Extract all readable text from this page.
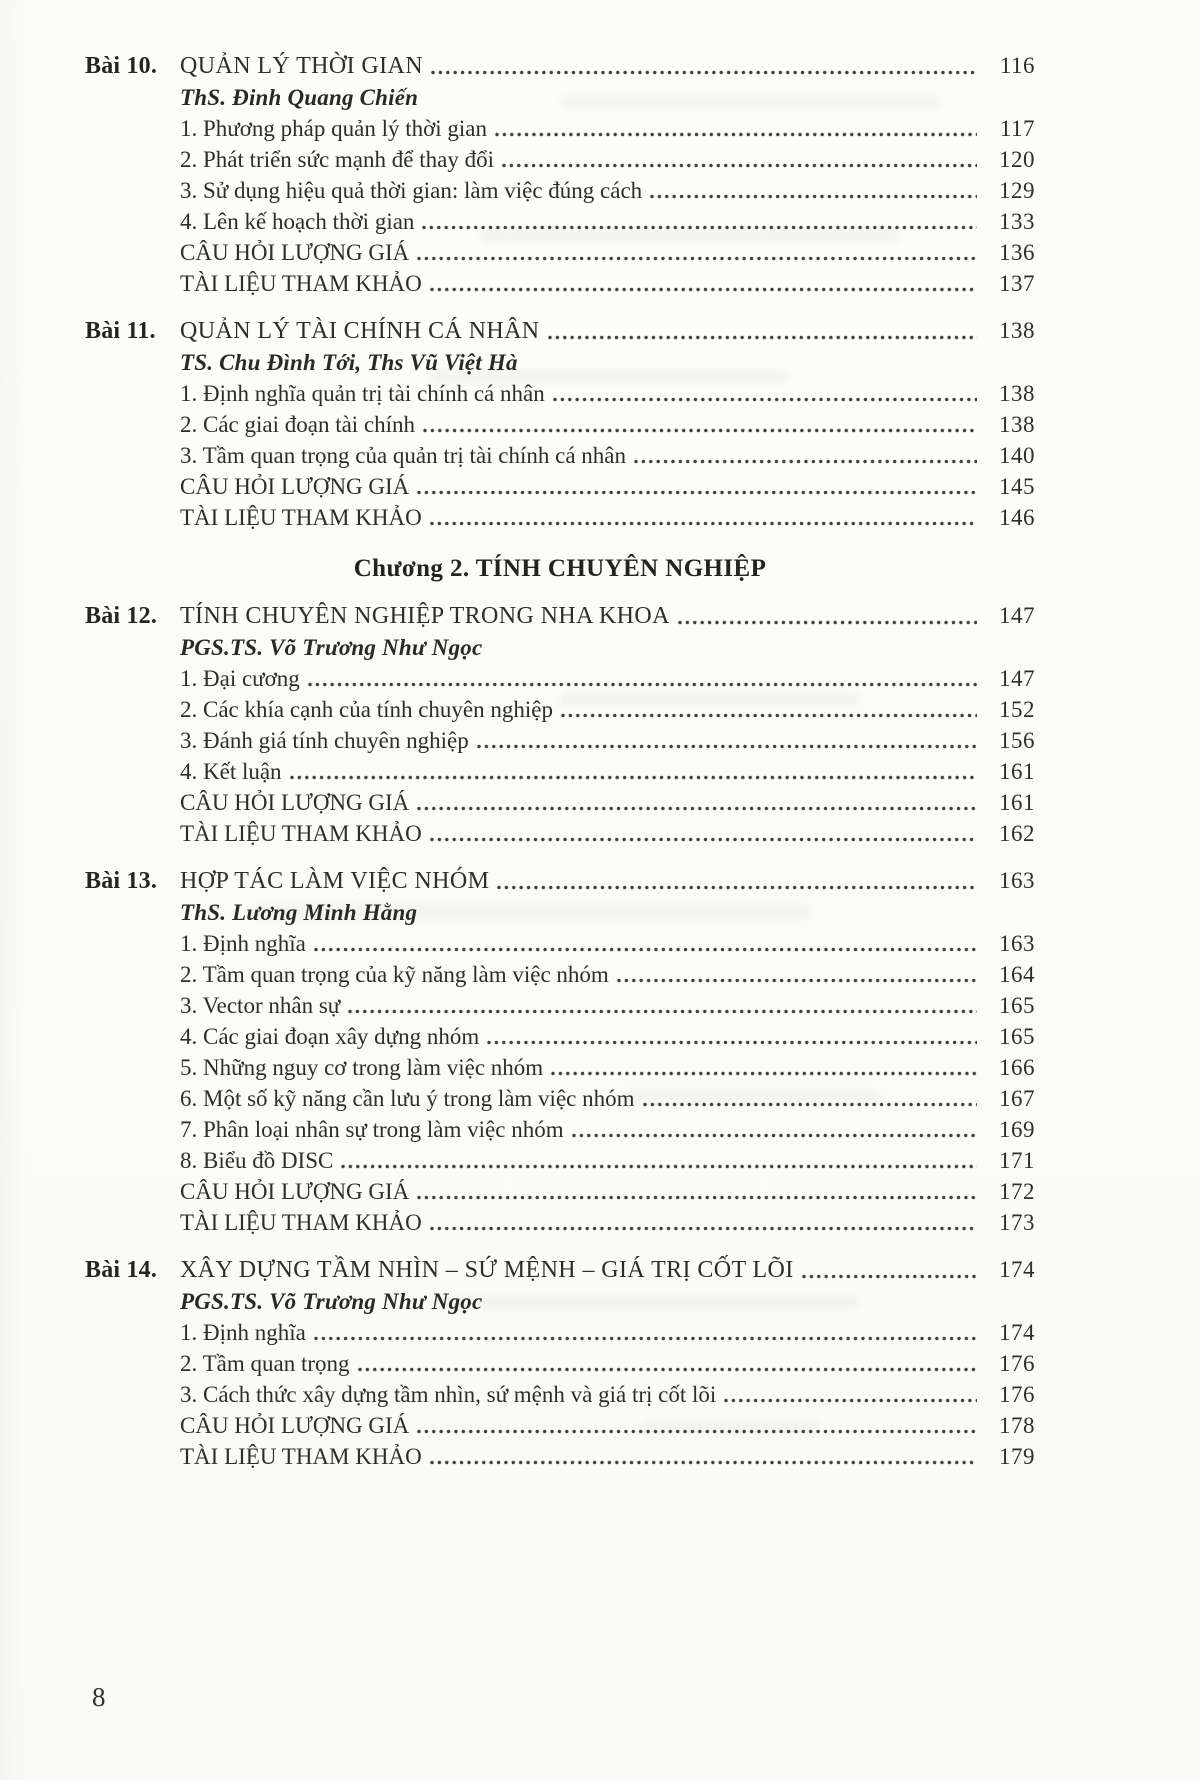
Bài 10. QUẢN LÝ THỜI GIAN	116
ThS. Đinh Quang Chiến
1. Phương pháp quản lý thời gian	117
2. Phát triển sức mạnh để thay đổi	120
3. Sử dụng hiệu quả thời gian: làm việc đúng cách	129
4. Lên kế hoạch thời gian	133
CÂU HỎI LƯỢNG GIÁ	136
TÀI LIỆU THAM KHẢO	137
Bài 11.	QUẢN LÝ TÀI CHÍNH CÁ NHÂN	138
TS. Chu Đình Tới, Ths Vũ Việt Hà
1. Định nghĩa quản trị tài chính cá nhân	138
2. Các giai đoạn tài chính	138
3. Tầm quan trọng của quản trị tài chính cá nhân	140
CÂU HỎI LƯỢNG GIÁ	145
TÀI LIỆU THAM KHẢO	146
Chương 2. TÍNH CHUYÊN NGHIỆP
Bài 12. TÍNH CHUYÊN NGHIỆP TRONG NHA KHOA	147
PGS.TS. Võ Trương Như Ngọc
1. Đại cương	147
2. Các khía cạnh của tính chuyên nghiệp	152
3. Đánh giá tính chuyên nghiệp	156
4. Kết luận	161
CÂU HỎI LƯỢNG GIÁ	161
TÀI LIỆU THAM KHẢO	162
Bài 13. HỢP TÁC LÀM VIỆC NHÓM	163
ThS. Lương Minh Hằng
1. Định nghĩa	163
2. Tầm quan trọng của kỹ năng làm việc nhóm	164
3. Vector nhân sự	165
4. Các giai đoạn xây dựng nhóm	165
5. Những nguy cơ trong làm việc nhóm	166
6. Một số kỹ năng cần lưu ý trong làm việc nhóm	167
7. Phân loại nhân sự trong làm việc nhóm	169
8. Biểu đồ DISC	171
CÂU HỎI LƯỢNG GIÁ	172
TÀI LIỆU THAM KHẢO	173
Bài 14. XÂY DỰNG TẦM NHÌN – SỨ MỆNH – GIÁ TRỊ CỐT LÕI	174
PGS.TS. Võ Trương Như Ngọc
1. Định nghĩa	174
2. Tầm quan trọng	176
3. Cách thức xây dựng tầm nhìn, sứ mệnh và giá trị cốt lõi	176
CÂU HỎI LƯỢNG GIÁ	178
TÀI LIỆU THAM KHẢO	179
8
